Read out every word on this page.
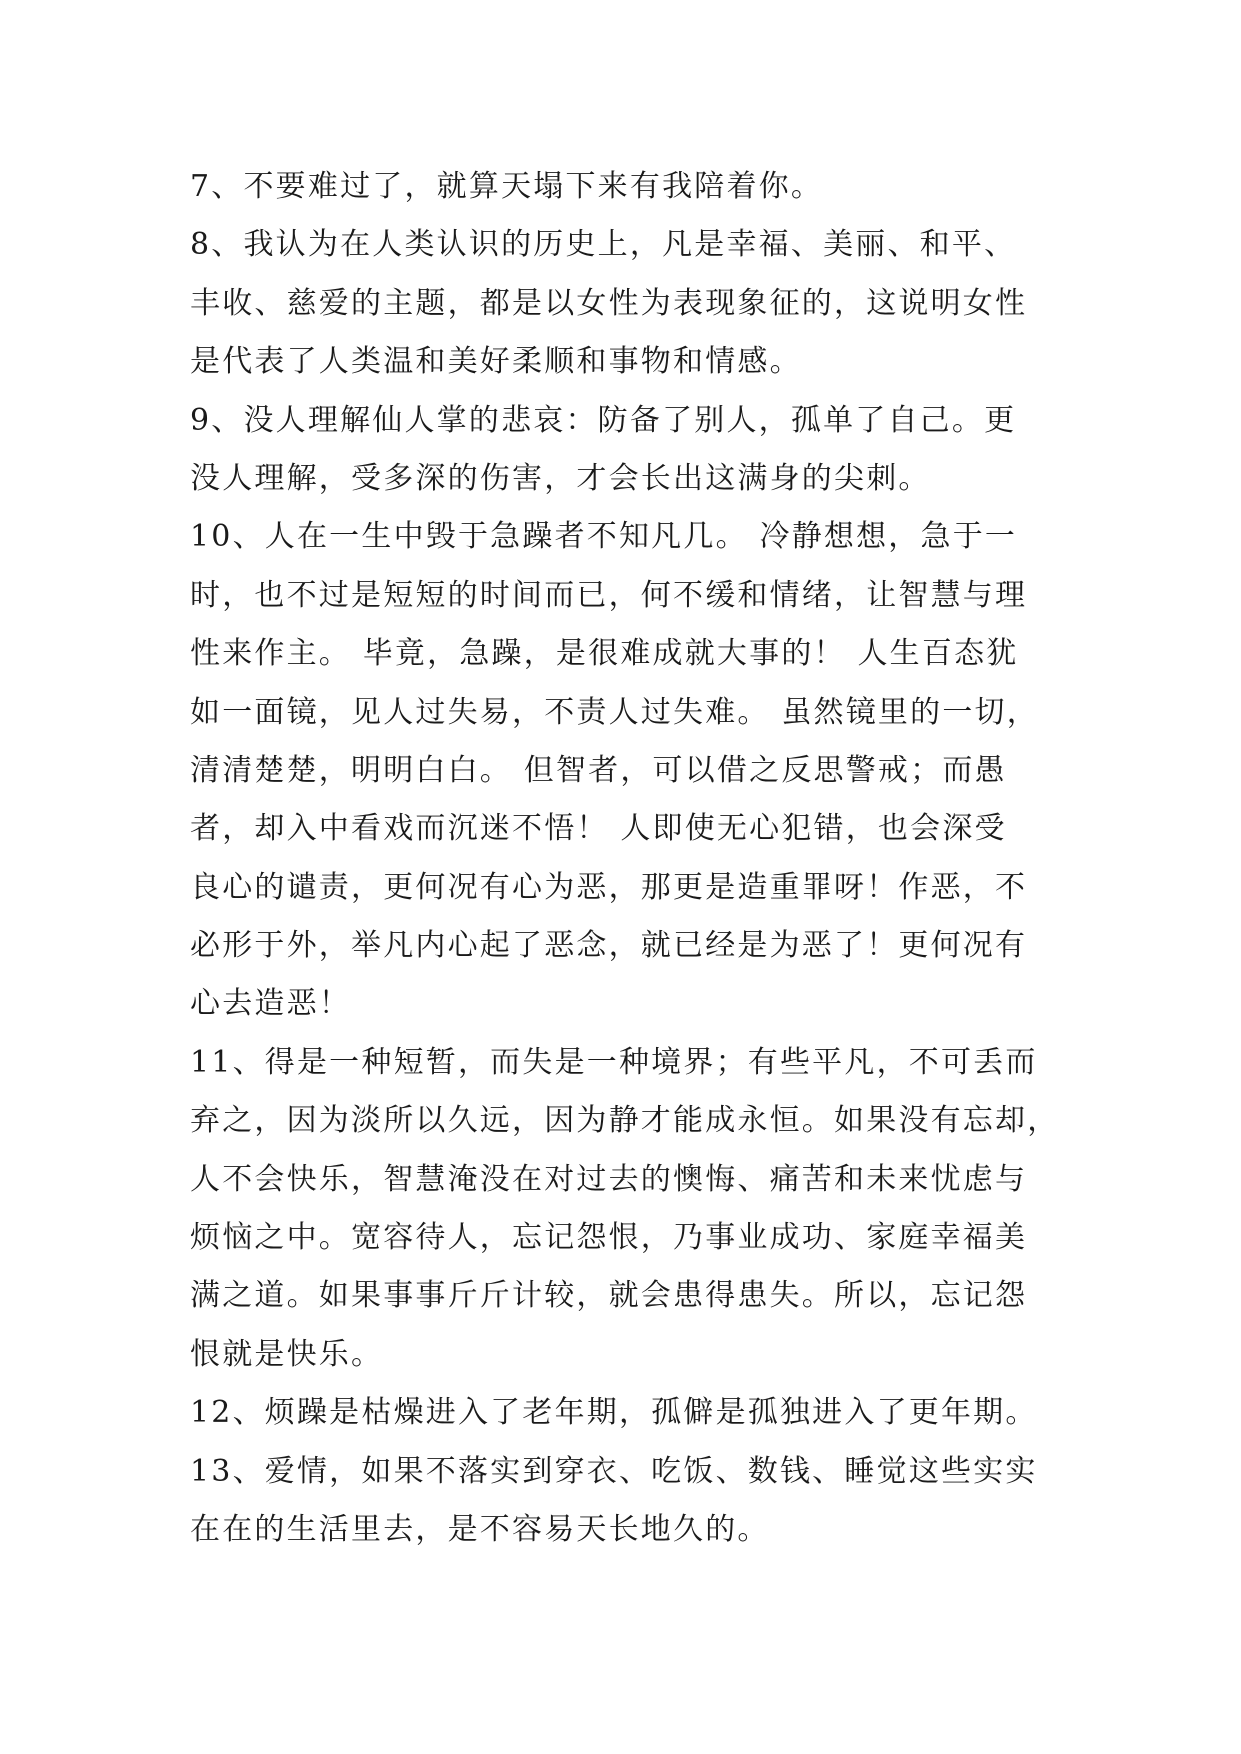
7、不要难过了，就算天塌下来有我陪着你。
8、我认为在人类认识的历史上，凡是幸福、美丽、和平、
丰收、慈爱的主题，都是以女性为表现象征的，这说明女性
是代表了人类温和美好柔顺和事物和情感。
9、没人理解仙人掌的悲哀：防备了别人，孤单了自己。更
没人理解，受多深的伤害，才会长出这满身的尖刺。
10、人在一生中毁于急躁者不知凡几。 冷静想想，急于一
时，也不过是短短的时间而已，何不缓和情绪，让智慧与理
性来作主。 毕竟，急躁，是很难成就大事的！ 人生百态犹
如一面镜，见人过失易，不责人过失难。 虽然镜里的一切，
清清楚楚，明明白白。 但智者，可以借之反思警戒；而愚
者，却入中看戏而沉迷不悟！ 人即使无心犯错，也会深受
良心的谴责，更何况有心为恶，那更是造重罪呀！作恶，不
必形于外，举凡内心起了恶念，就已经是为恶了！更何况有
心去造恶！
11、得是一种短暂，而失是一种境界；有些平凡，不可丢而
弃之，因为淡所以久远，因为静才能成永恒。如果没有忘却，
人不会快乐，智慧淹没在对过去的懊悔、痛苦和未来忧虑与
烦恼之中。宽容待人，忘记怨恨，乃事业成功、家庭幸福美
满之道。如果事事斤斤计较，就会患得患失。所以，忘记怨
恨就是快乐。
12、烦躁是枯燥进入了老年期，孤僻是孤独进入了更年期。
13、爱情，如果不落实到穿衣、吃饭、数钱、睡觉这些实实
在在的生活里去，是不容易天长地久的。
